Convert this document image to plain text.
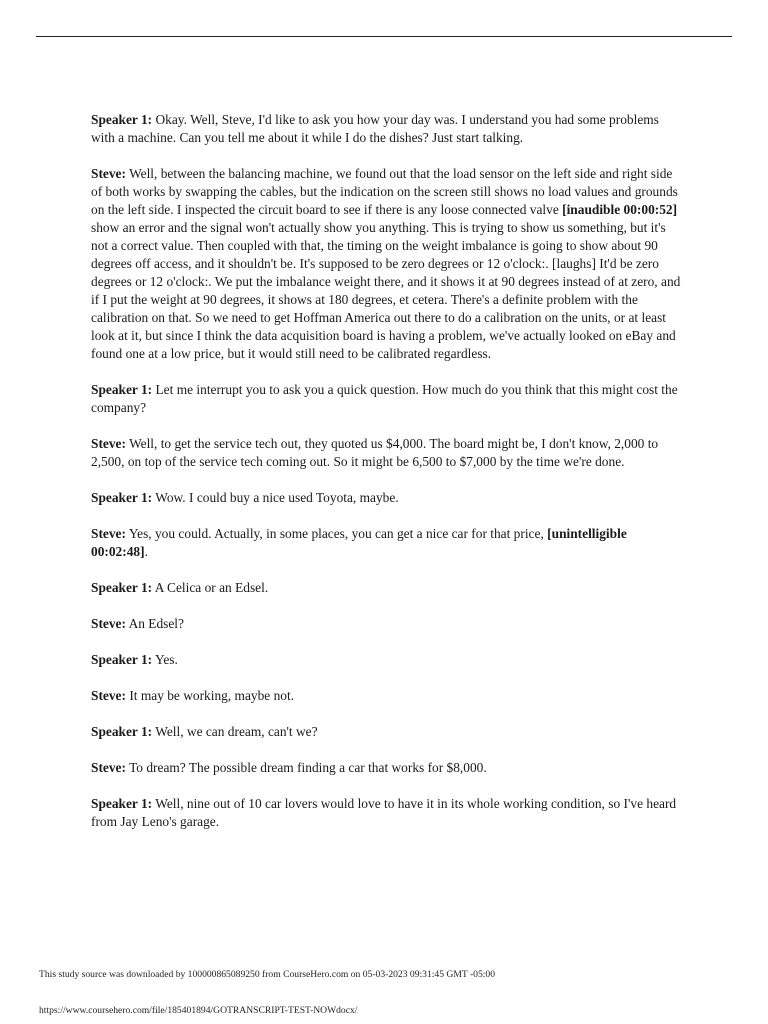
Speaker 1: Okay. Well, Steve, I'd like to ask you how your day was. I understand you had some problems with a machine. Can you tell me about it while I do the dishes? Just start talking.

Steve: Well, between the balancing machine, we found out that the load sensor on the left side and right side of both works by swapping the cables, but the indication on the screen still shows no load values and grounds on the left side. I inspected the circuit board to see if there is any loose connected valve [inaudible 00:00:52] show an error and the signal won't actually show you anything. This is trying to show us something, but it's not a correct value. Then coupled with that, the timing on the weight imbalance is going to show about 90 degrees off access, and it shouldn't be. It's supposed to be zero degrees or 12 o'clock:. [laughs] It'd be zero degrees or 12 o'clock:. We put the imbalance weight there, and it shows it at 90 degrees instead of at zero, and if I put the weight at 90 degrees, it shows at 180 degrees, et cetera. There's a definite problem with the calibration on that. So we need to get Hoffman America out there to do a calibration on the units, or at least look at it, but since I think the data acquisition board is having a problem, we've actually looked on eBay and found one at a low price, but it would still need to be calibrated regardless.

Speaker 1: Let me interrupt you to ask you a quick question. How much do you think that this might cost the company?

Steve: Well, to get the service tech out, they quoted us $4,000. The board might be, I don't know, 2,000 to 2,500, on top of the service tech coming out. So it might be 6,500 to $7,000 by the time we're done.

Speaker 1: Wow. I could buy a nice used Toyota, maybe.

Steve: Yes, you could. Actually, in some places, you can get a nice car for that price, [unintelligible 00:02:48].

Speaker 1: A Celica or an Edsel.

Steve: An Edsel?

Speaker 1: Yes.

Steve: It may be working, maybe not.

Speaker 1: Well, we can dream, can't we?

Steve: To dream? The possible dream finding a car that works for $8,000.

Speaker 1: Well, nine out of 10 car lovers would love to have it in its whole working condition, so I've heard from Jay Leno's garage.

This study source was downloaded by 100000865089250 from CourseHero.com on 05-03-2023 09:31:45 GMT -05:00
https://www.coursehero.com/file/185401894/GOTRANSCRIPT-TEST-NOWdocx/
